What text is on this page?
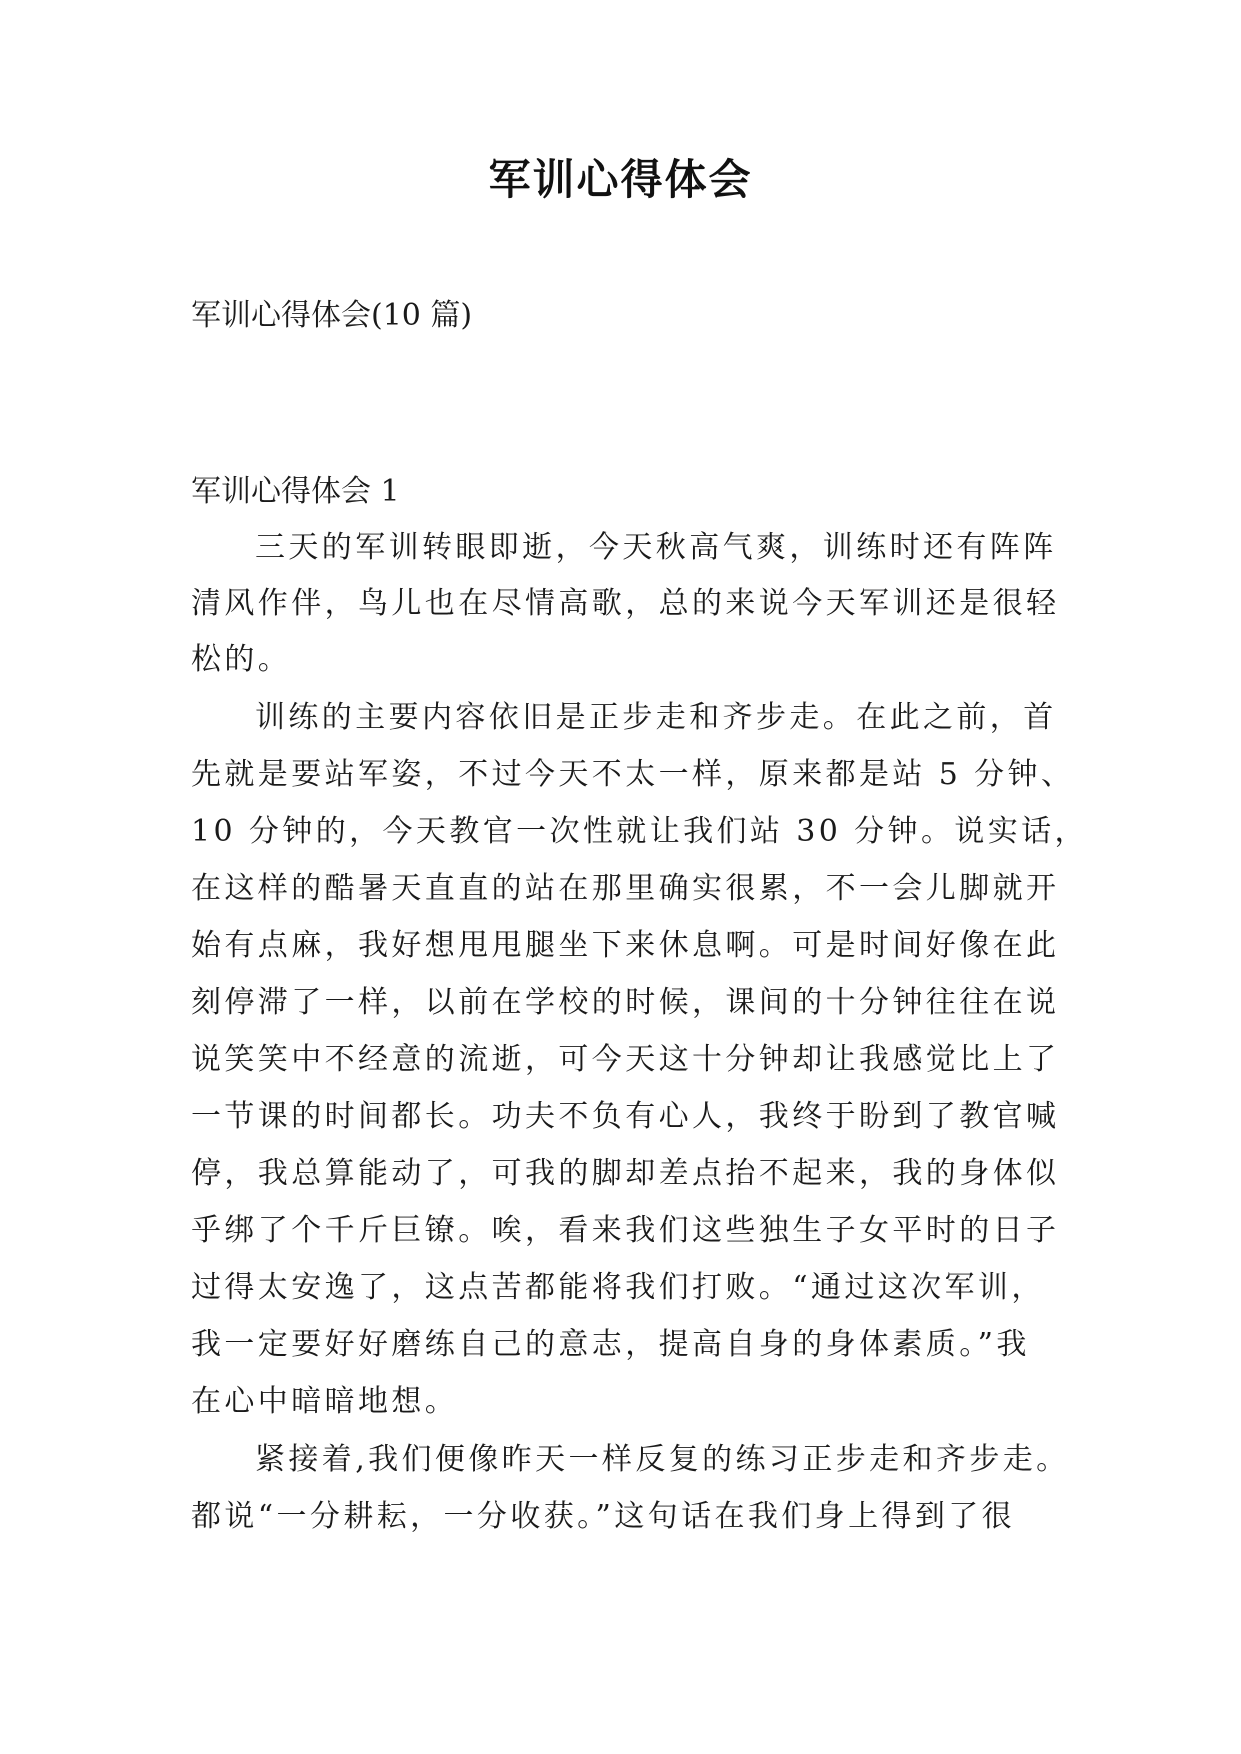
军训心得体会
军训心得体会(10 篇)
军训心得体会 1
三天的军训转眼即逝，今天秋高气爽，训练时还有阵阵
清风作伴，鸟儿也在尽情高歌，总的来说今天军训还是很轻
松的。
训练的主要内容依旧是正步走和齐步走。在此之前，首
先就是要站军姿，不过今天不太一样，原来都是站 5 分钟、
10 分钟的，今天教官一次性就让我们站 30 分钟。说实话，
在这样的酷暑天直直的站在那里确实很累，不一会儿脚就开
始有点麻，我好想甩甩腿坐下来休息啊。可是时间好像在此
刻停滞了一样，以前在学校的时候，课间的十分钟往往在说
说笑笑中不经意的流逝，可今天这十分钟却让我感觉比上了
一节课的时间都长。功夫不负有心人，我终于盼到了教官喊
停，我总算能动了，可我的脚却差点抬不起来，我的身体似
乎绑了个千斤巨镣。唉，看来我们这些独生子女平时的日子
过得太安逸了，这点苦都能将我们打败。“通过这次军训，
我一定要好好磨练自己的意志，提高自身的身体素质。”我
在心中暗暗地想。
紧接着,我们便像昨天一样反复的练习正步走和齐步走。
都说“一分耕耘，一分收获。”这句话在我们身上得到了很
